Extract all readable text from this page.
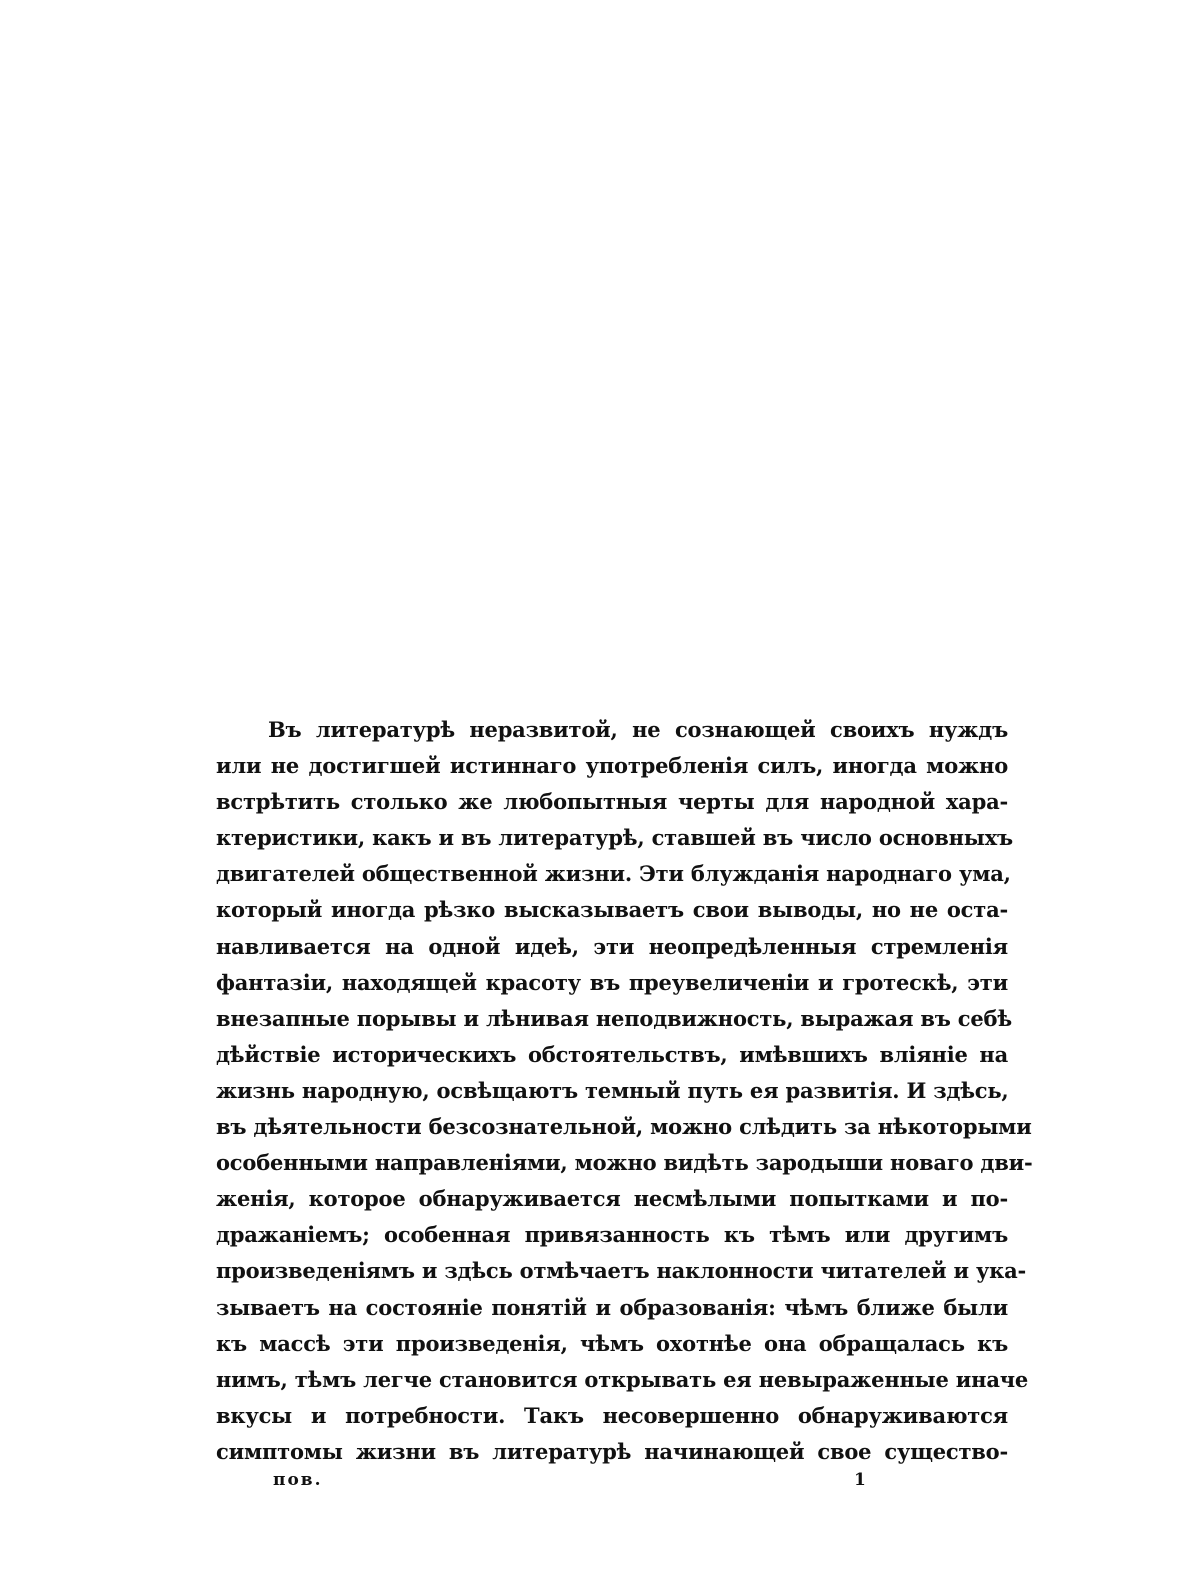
Въ литературѣ неразвитой, не сознающей своихъ нуждъ
или не достигшей истиннаго употребленія силъ, иногда можно
встрѣтить столько же любопытныя черты для народной хара-
ктеристики, какъ и въ литературѣ, ставшей въ число основныхъ
двигателей общественной жизни. Эти блужданія народнаго ума,
который иногда рѣзко высказываетъ свои выводы, но не оста-
навливается на одной идеѣ, эти неопредѣленныя стремленія
фантазіи, находящей красоту въ преувеличеніи и гротескѣ, эти
внезапные порывы и лѣнивая неподвижность, выражая въ себѣ
дѣйствіе историческихъ обстоятельствъ, имѣвшихъ вліяніе на
жизнь народную, освѣщаютъ темный путь ея развитія. И здѣсь,
въ дѣятельности безсознательной, можно слѣдить за нѣкоторыми
особенными направленіями, можно видѣть зародыши новаго дви-
женія, которое обнаруживается несмѣлыми попытками и по-
дражаніемъ; особенная привязанность къ тѣмъ или другимъ
произведеніямъ и здѣсь отмѣчаетъ наклонности читателей и ука-
зываетъ на состояніе понятій и образованія: чѣмъ ближе были
къ массѣ эти произведенія, чѣмъ охотнѣе она обращалась къ
нимъ, тѣмъ легче становится открывать ея невыраженные иначе
вкусы и потребности. Такъ несовершенно обнаруживаются
симптомы жизни въ литературѣ начинающей свое существо-
пов.	1
